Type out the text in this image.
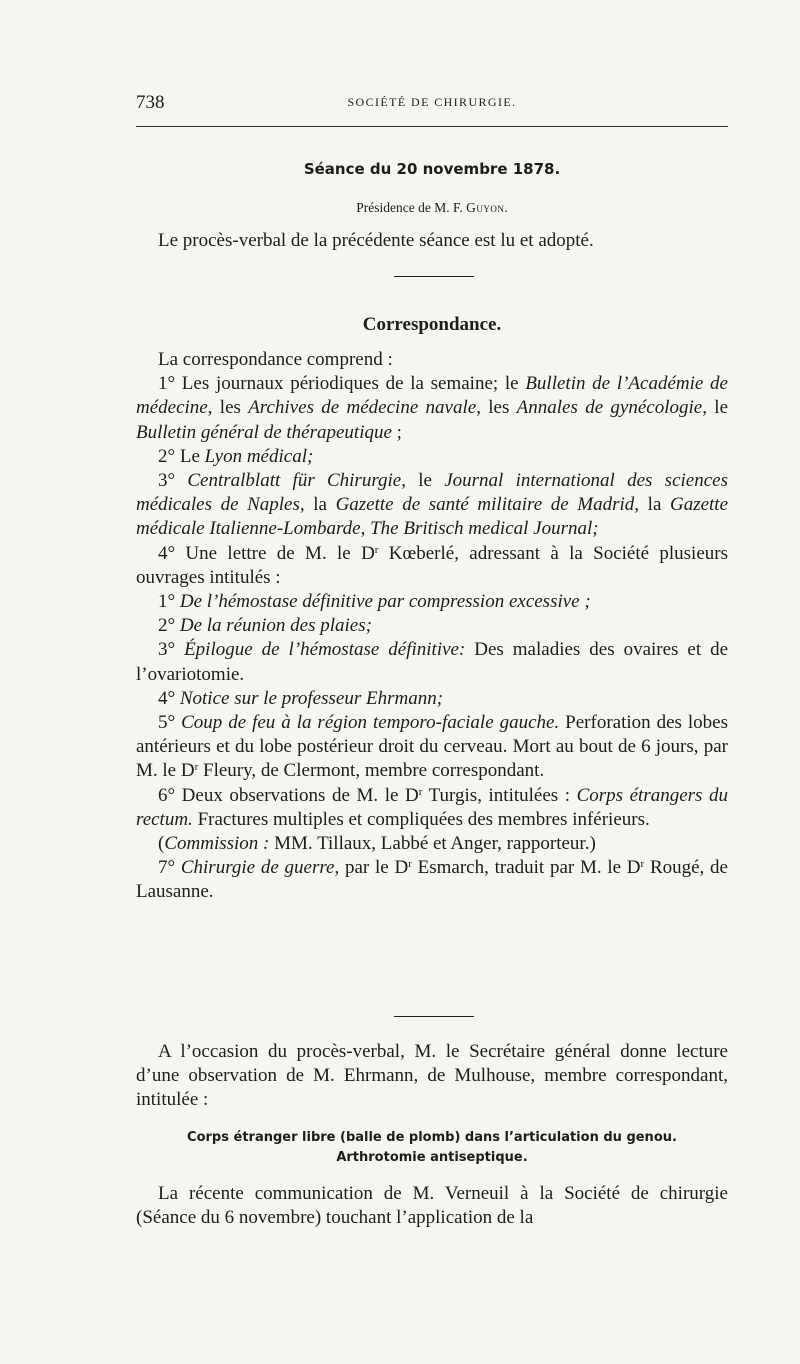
738	SOCIÉTÉ DE CHIRURGIE.

Séance du 20 novembre 1878.

Présidence de M. F. Guyon.

Le procès-verbal de la précédente séance est lu et adopté.

Correspondance.

La correspondance comprend :

1° Les journaux périodiques de la semaine; le Bulletin de l’Académie de médecine, les Archives de médecine navale, les Annales de gynécologie, le Bulletin général de thérapeutique ;

2° Le Lyon médical;

3° Centralblatt für Chirurgie, le Journal international des sciences médicales de Naples, la Gazette de santé militaire de Madrid, la Gazette médicale Italienne-Lombarde, The Britisch medical Journal;

4° Une lettre de M. le $D^r$ Kœberlé, adressant à la Société plusieurs ouvrages intitulés :

1° De l’hémostase définitive par compression excessive ;

2° De la réunion des plaies;

3° Épilogue de l’hémostase définitive: Des maladies des ovaires et de l’ovariotomie.

4° Notice sur le professeur Ehrmann;

5° Coup de feu à la région temporo-faciale gauche. Perforation des lobes antérieurs et du lobe postérieur droit du cerveau. Mort au bout de 6 jours, par M. le $D^r$ Fleury, de Clermont, membre correspondant.

6° Deux observations de M. le $D^r$ Turgis, intitulées : Corps étrangers du rectum. Fractures multiples et compliquées des membres inférieurs.

(Commission : MM. Tillaux, Labbé et Anger, rapporteur.)

7° Chirurgie de guerre, par le $D^r$ Esmarch, traduit par M. le $D^r$ Rougé, de Lausanne.

A l’occasion du procès-verbal, M. le Secrétaire général donne lecture d’une observation de M. Ehrmann, de Mulhouse, membre correspondant, intitulée :

Corps étranger libre (balle de plomb) dans l’articulation du genou.
Arthrotomie antiseptique.

La récente communication de M. Verneuil à la Société de chirurgie (Séance du 6 novembre) touchant l’application de la
